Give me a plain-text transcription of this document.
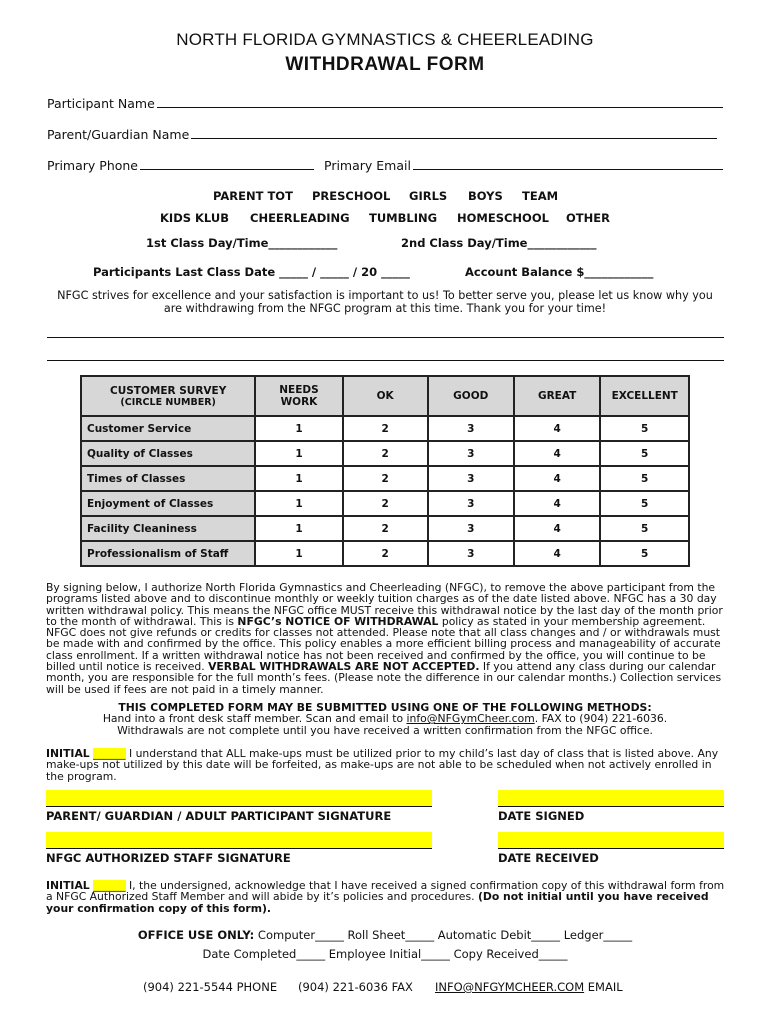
NORTH FLORIDA GYMNASTICS & CHEERLEADING
WITHDRAWAL FORM
Participant Name
Parent/Guardian Name
Primary Phone	Primary Email
PARENT TOT PRESCHOOL GIRLS BOYS TEAM
KIDS KLUB CHEERLEADING TUMBLING HOMESCHOOL OTHER
1st Class Day/Time____________	2nd Class Day/Time____________
Participants Last Class Date _____ / _____ / 20 _____	Account Balance $____________
NFGC strives for excellence and your satisfaction is important to us! To better serve you, please let us know why you
are withdrawing from the NFGC program at this time. Thank you for your time!
CUSTOMER SURVEY
(CIRCLE NUMBER)	NEEDS WORK	OK	GOOD	GREAT	EXCELLENT
Customer Service	1	2	3	4	5
Quality of Classes	1	2	3	4	5
Times of Classes	1	2	3	4	5
Enjoyment of Classes	1	2	3	4	5
Facility Cleaniness	1	2	3	4	5
Professionalism of Staff	1	2	3	4	5
By signing below, I authorize North Florida Gymnastics and Cheerleading (NFGC), to remove the above participant from the programs listed above and to discontinue monthly or weekly tuition charges as of the date listed above. NFGC has a 30 day written withdrawal policy. This means the NFGC office MUST receive this withdrawal notice by the last day of the month prior to the month of withdrawal. This is NFGC’s NOTICE OF WITHDRAWAL policy as stated in your membership agreement. NFGC does not give refunds or credits for classes not attended. Please note that all class changes and / or withdrawals must be made with and confirmed by the office. This policy enables a more efficient billing process and manageability of accurate class enrollment. If a written withdrawal notice has not been received and confirmed by the office, you will continue to be billed until notice is received. VERBAL WITHDRAWALS ARE NOT ACCEPTED. If you attend any class during our calendar month, you are responsible for the full month’s fees. (Please note the difference in our calendar months.) Collection services will be used if fees are not paid in a timely manner.
THIS COMPLETED FORM MAY BE SUBMITTED USING ONE OF THE FOLLOWING METHODS:
Hand into a front desk staff member. Scan and email to info@NFGymCheer.com. FAX to (904) 221-6036.
Withdrawals are not complete until you have received a written confirmation from the NFGC office.
INITIAL ______ I understand that ALL make-ups must be utilized prior to my child’s last day of class that is listed above. Any make-ups not utilized by this date will be forfeited, as make-ups are not able to be scheduled when not actively enrolled in the program.
PARENT/ GUARDIAN / ADULT PARTICIPANT SIGNATURE	DATE SIGNED
NFGC AUTHORIZED STAFF SIGNATURE	DATE RECEIVED
INITIAL ______ I, the undersigned, acknowledge that I have received a signed confirmation copy of this withdrawal form from a NFGC Authorized Staff Member and will abide by it’s policies and procedures. (Do not initial until you have received your confirmation copy of this form).
OFFICE USE ONLY: Computer_____ Roll Sheet_____ Automatic Debit_____ Ledger_____
Date Completed_____ Employee Initial_____ Copy Received_____
(904) 221-5544 PHONE (904) 221-6036 FAX INFO@NFGYMCHEER.COM EMAIL
